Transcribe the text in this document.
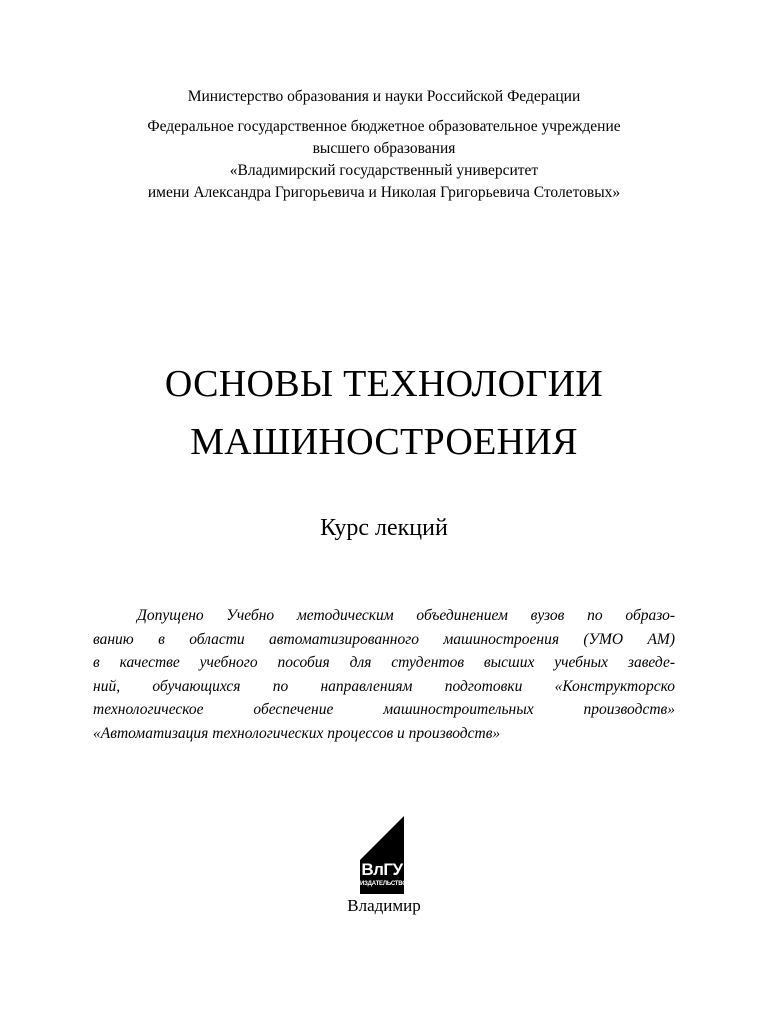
Министерство образования и науки Российской Федерации
Федеральное государственное бюджетное образовательное учреждение
высшего образования
«Владимирский государственный университет
имени Александра Григорьевича и Николая Григорьевича Столетовых»
ОСНОВЫ ТЕХНОЛОГИИ
МАШИНОСТРОЕНИЯ
Курс лекций
Допущено Учебно методическим объединением вузов по образо-
ванию в области автоматизированного машиностроения (УМО АМ)
в качестве учебного пособия для студентов высших учебных заведе-
ний, обучающихся по направлениям подготовки «Конструкторско
технологическое обеспечение машиностроительных производств»
«Автоматизация технологических процессов и производств»
ВлГУ
ИЗДАТЕЛЬСТВО
Владимир
